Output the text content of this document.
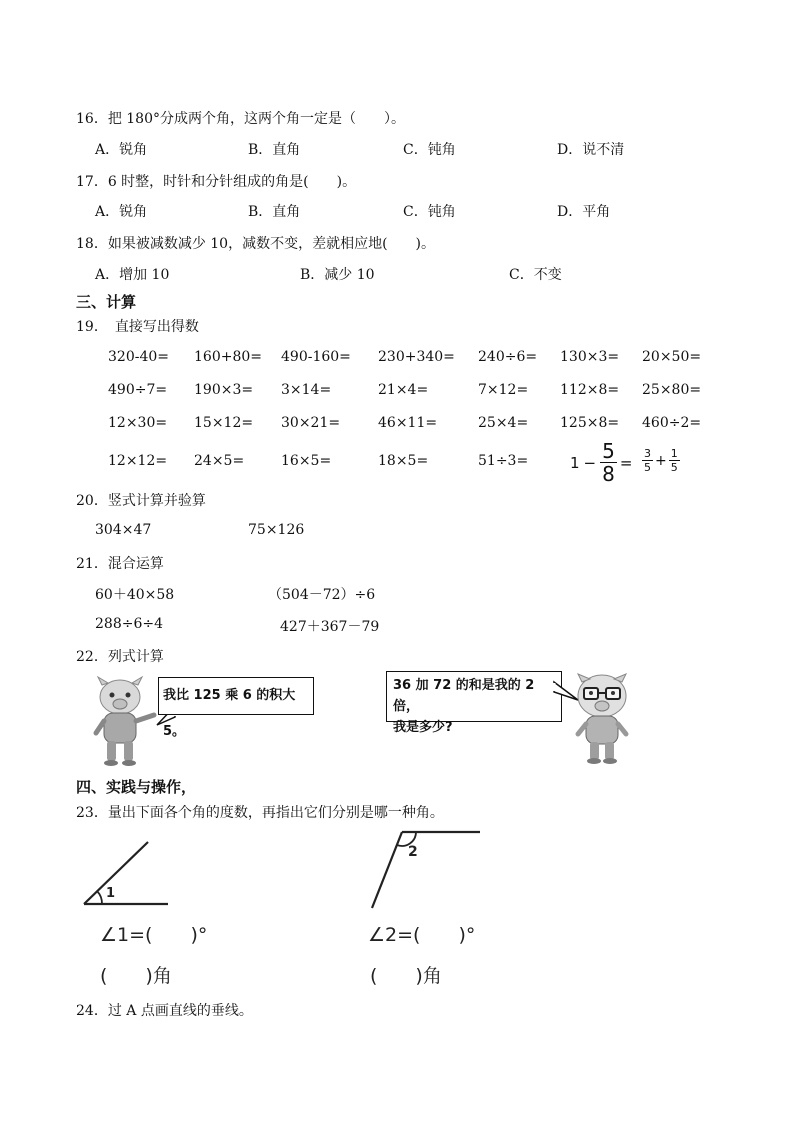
16．把 180°分成两个角，这两个角一定是（　　）。
A．锐角	B．直角	C．钝角	D．说不清
17．6 时整，时针和分针组成的角是(　　)。
A．锐角	B．直角	C．钝角	D．平角
18．如果被减数减少 10，减数不变，差就相应地(　　)。
A．增加 10	B．减少 10	C．不变
三、计算
19．　直接写出得数
320-40= 160+80= 490-160= 230+340= 240÷6= 130×3= 20×50=
490÷7= 190×3= 3×14=	21×4=	7×12= 112×8= 25×80=
12×30= 15×12= 30×21=	46×11=	25×4= 125×8= 460÷2=
12×12= 24×5=	16×5=	18×5=	51÷3=	$1 - \frac{5}{8} = \frac{3}{5} + \frac{1}{5}$
20．竖式计算并验算
304×47	75×126
21．混合运算
60＋40×58	（504－72）÷6
288÷6÷4	427＋367－79
22．列式计算
我比 125 乘 6 的积大 5。
36 加 72 的和是我的 2 倍，
我是多少?
四、实践与操作，
23．量出下面各个角的度数，再指出它们分别是哪一种角。
1
2
∠1=(　　)°
(　　)角
∠2=(　　)°
(　　)角
24．过 A 点画直线的垂线。
